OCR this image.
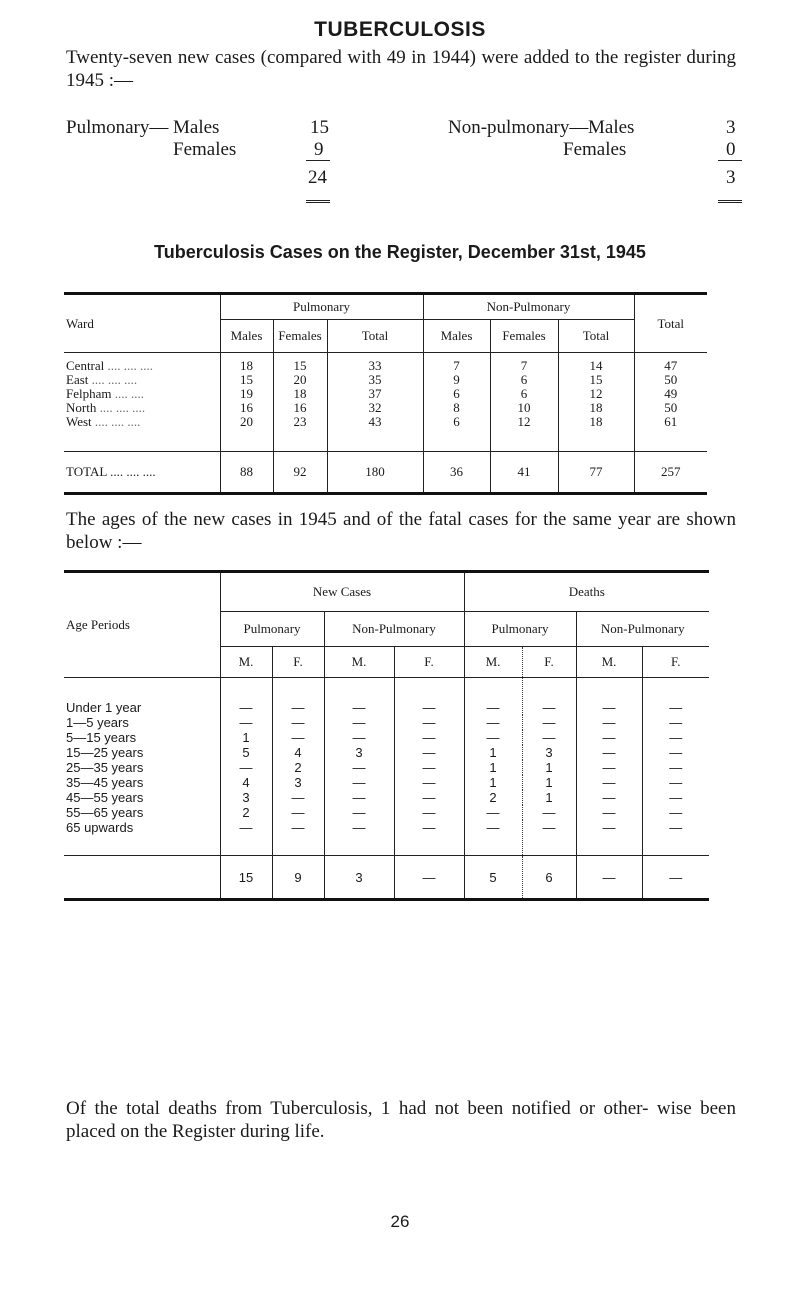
TUBERCULOSIS
Twenty-seven new cases (compared with 49 in 1944) were added to the register during 1945 :—
Pulmonary— Males	15
Females	9
24
Non-pulmonary— Males	3
Females	0
3
Tuberculosis Cases on the Register, December 31st, 1945
Ward	Pulmonary			Non-Pulmonary			Total
	Males	Females	Total	Males	Females	Total	
Central .... .... ....	18	15	33	7	7	14	47
East .... .... ....	15	20	35	9	6	15	50
Felpham .... ....	19	18	37	6	6	12	49
North .... .... ....	16	16	32	8	10	18	50
West .... .... ....	20	23	43	6	12	18	61
TOTAL .... .... ....	88	92	180	36	41	77	257
The ages of the new cases in 1945 and of the fatal cases for the same year are shown below :—
Age Periods	New Cases				Deaths			
	Pulmonary		Non-Pulmonary		Pulmonary		Non-Pulmonary	
	M.	F.	M.	F.	M.	F.	M.	F.
Under 1 year	—	—	—	—	—	—	—	—
1—5 years	—	—	—	—	—	—	—	—
5—15 years	1	—	—	—	—	—	—	—
15—25 years	5	4	3	—	1	3	—	—
25—35 years	—	2	—	—	1	1	—	—
35—45 years	4	3	—	—	1	1	—	—
45—55 years	3	—	—	—	2	1	—	—
55—65 years	2	—	—	—	—	—	—	—
65 upwards	—	—	—	—	—	—	—	—
	15	9	3	—	5	6	—	—
Of the total deaths from Tuberculosis, 1 had not been notified or other- wise been placed on the Register during life.
26
